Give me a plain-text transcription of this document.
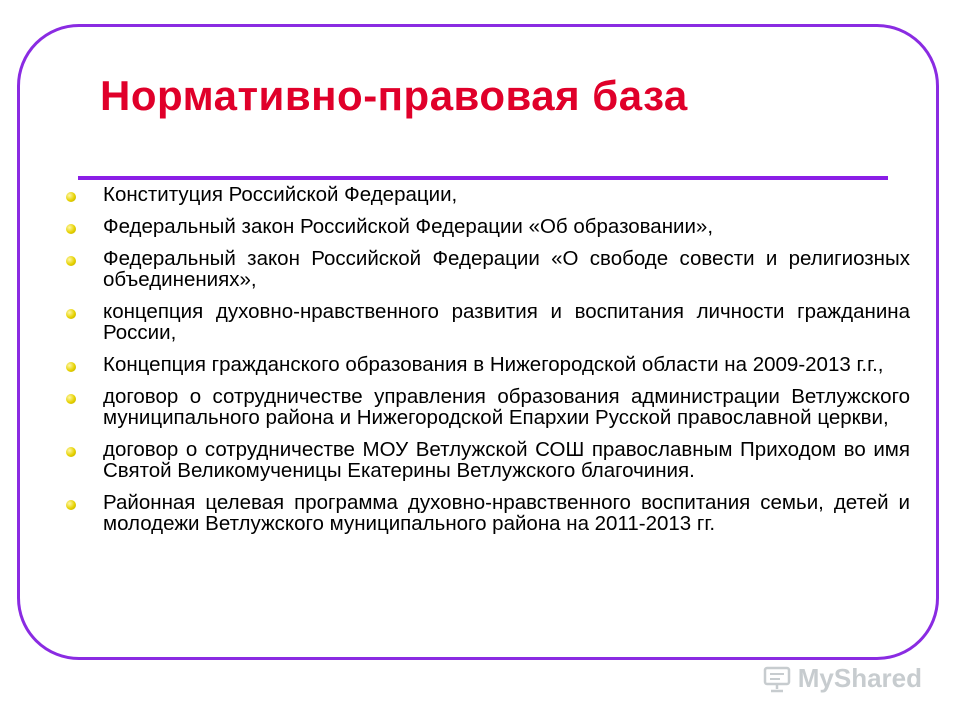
Нормативно-правовая база
Конституция Российской Федерации,
Федеральный закон Российской Федерации «Об образовании»,
Федеральный закон Российской Федерации «О свободе совести и религиозных объединениях»,
концепция духовно-нравственного развития и воспитания личности гражданина России,
Концепция гражданского образования в Нижегородской области на 2009-2013 г.г.,
договор о сотрудничестве управления образования администрации Ветлужского муниципального района и Нижегородской Епархии Русской православной церкви,
договор о сотрудничестве МОУ Ветлужской СОШ православным Приходом во имя Святой Великомученицы Екатерины Ветлужского благочиния.
Районная целевая программа духовно-нравственного воспитания семьи, детей и молодежи Ветлужского муниципального района на 2011-2013 гг.
MyShared
